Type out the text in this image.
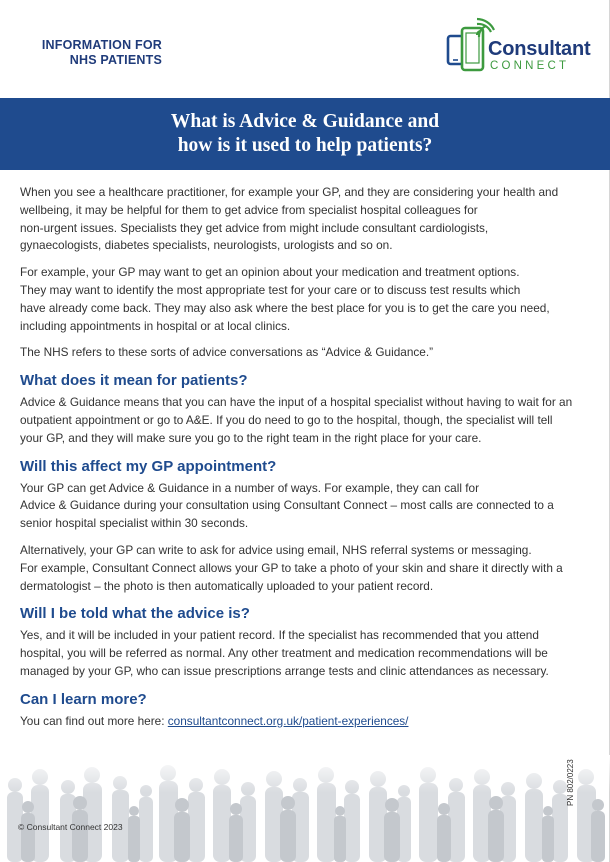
INFORMATION FOR
NHS PATIENTS	Consultant
CONNECT
What is Advice & Guidance and
how is it used to help patients?
When you see a healthcare practitioner, for example your GP, and they are considering your health and
wellbeing, it may be helpful for them to get advice from specialist hospital colleagues for
non-urgent issues. Specialists they get advice from might include consultant cardiologists,
gynaecologists, diabetes specialists, neurologists, urologists and so on.
For example, your GP may want to get an opinion about your medication and treatment options.
They may want to identify the most appropriate test for your care or to discuss test results which
have already come back. They may also ask where the best place for you is to get the care you need,
including appointments in hospital or at local clinics.
The NHS refers to these sorts of advice conversations as “Advice & Guidance.”
What does it mean for patients?
Advice & Guidance means that you can have the input of a hospital specialist without having to wait for an
outpatient appointment or go to A&E. If you do need to go to the hospital, though, the specialist will tell
your GP, and they will make sure you go to the right team in the right place for your care.
Will this affect my GP appointment?
Your GP can get Advice & Guidance in a number of ways. For example, they can call for
Advice & Guidance during your consultation using Consultant Connect – most calls are connected to a
senior hospital specialist within 30 seconds.
Alternatively, your GP can write to ask for advice using email, NHS referral systems or messaging.
For example, Consultant Connect allows your GP to take a photo of your skin and share it directly with a
dermatologist – the photo is then automatically uploaded to your patient record.
Will I be told what the advice is?
Yes, and it will be included in your patient record. If the specialist has recommended that you attend
hospital, you will be referred as normal. Any other treatment and medication recommendations will be
managed by your GP, who can issue prescriptions arrange tests and clinic attendances as necessary.
Can I learn more?
You can find out more here: consultantconnect.org.uk/patient-experiences/
© Consultant Connect 2023
PN 802/0223
